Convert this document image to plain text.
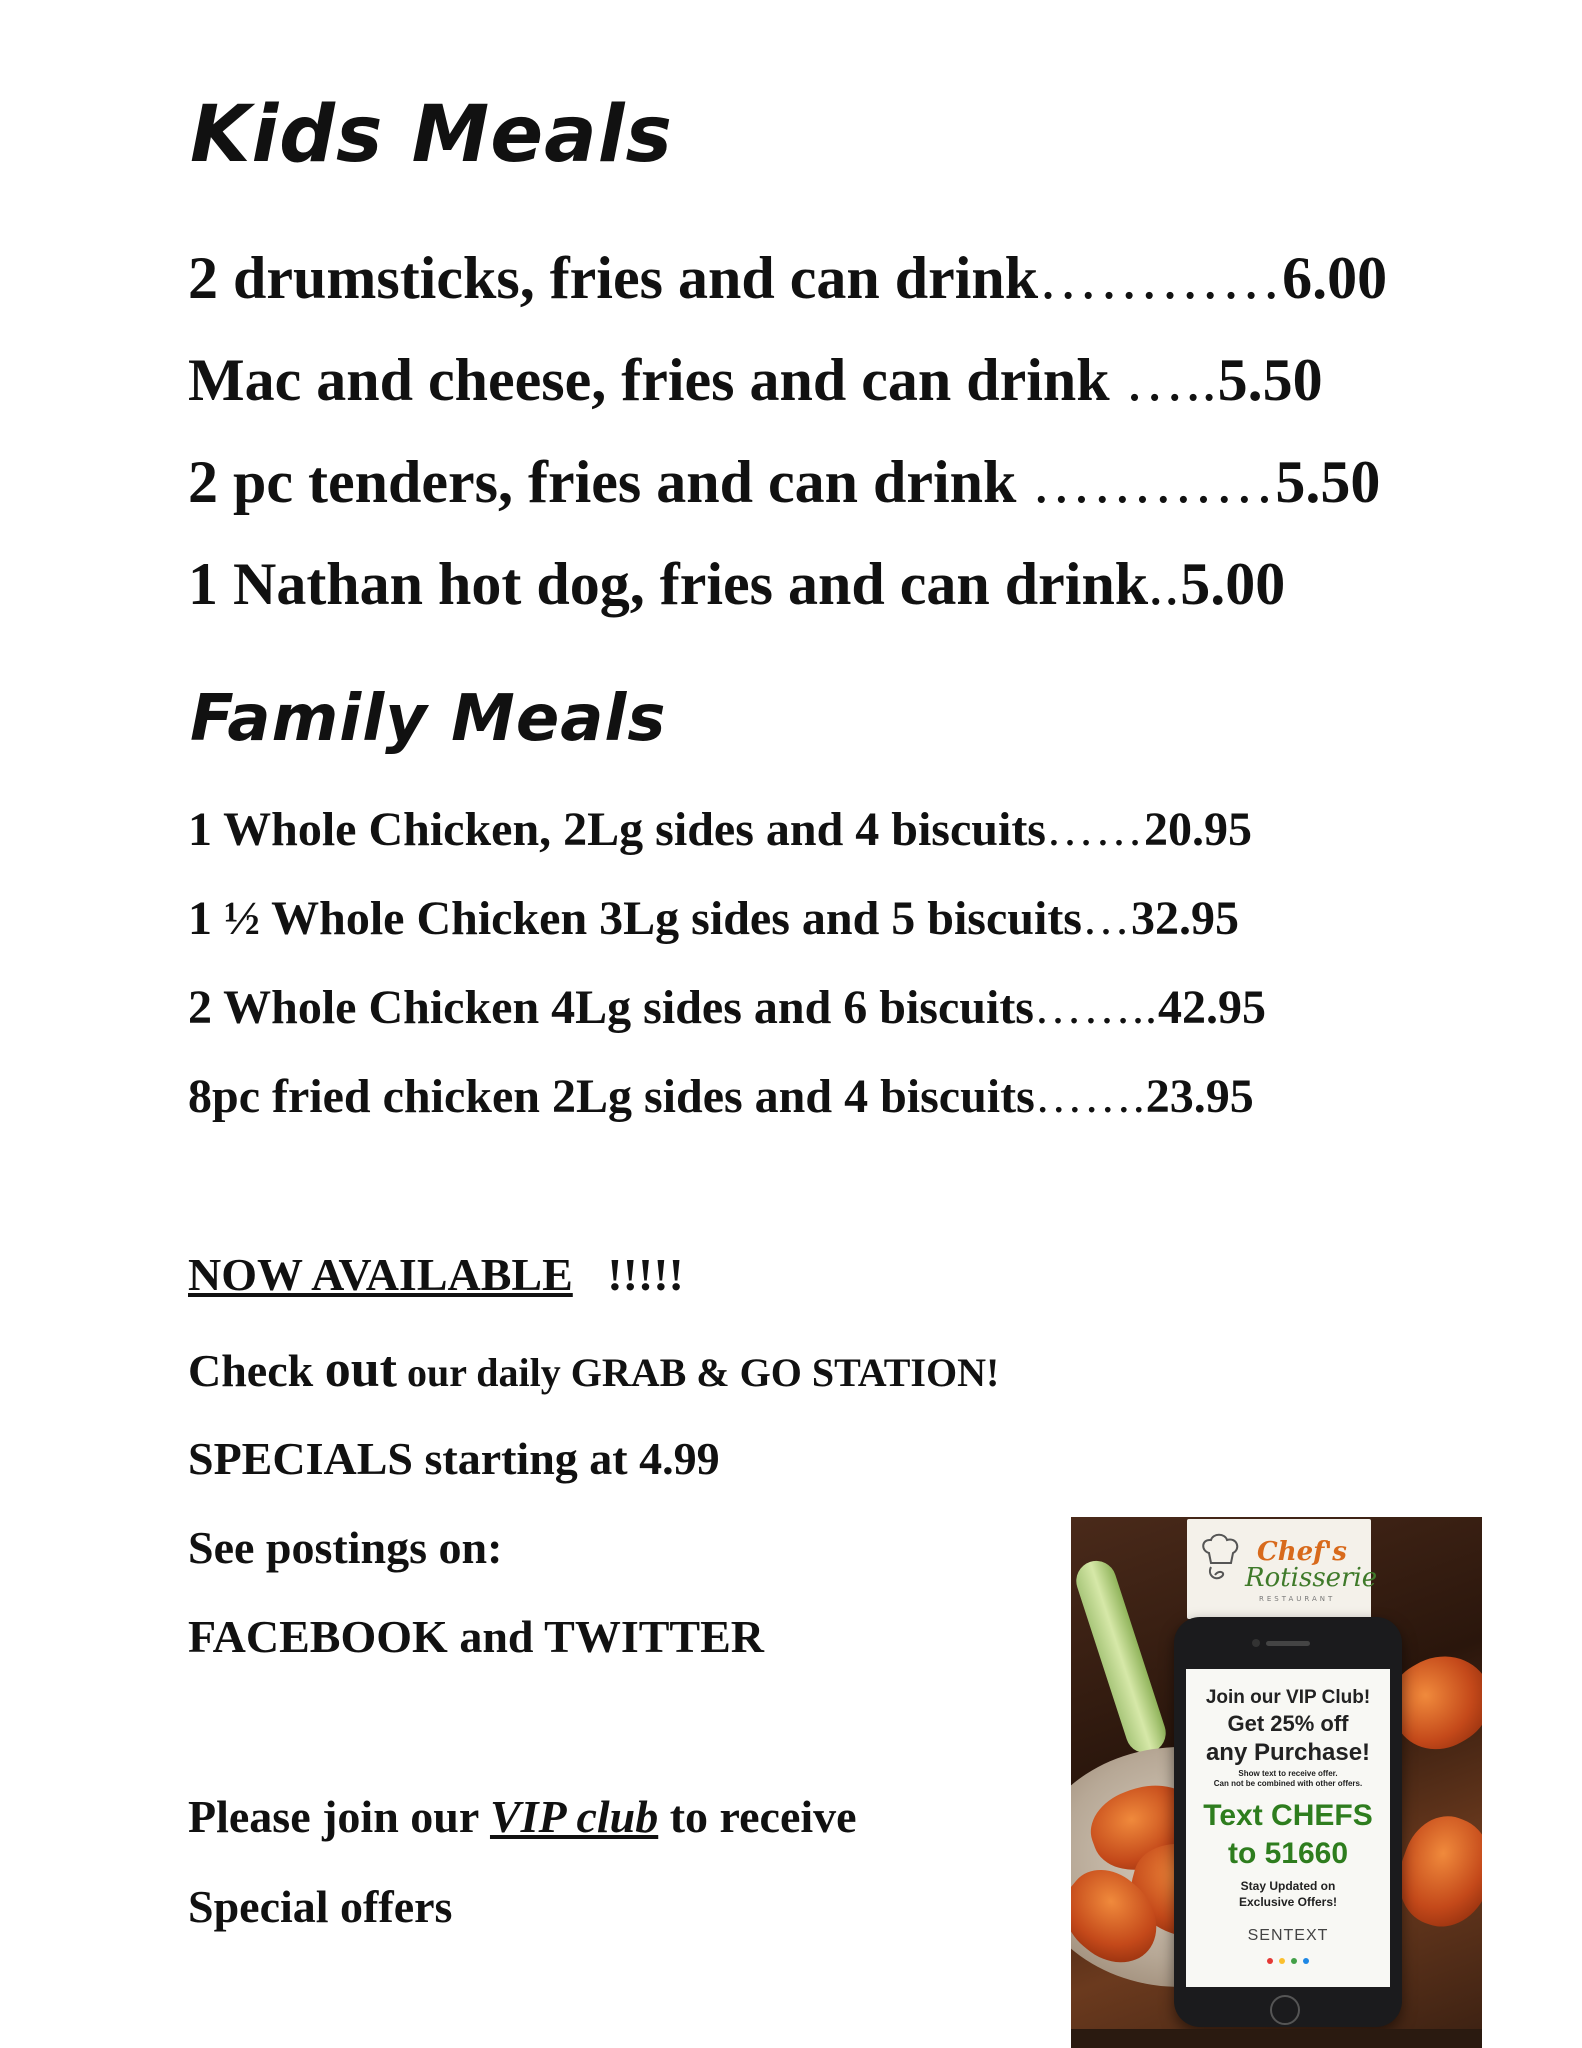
Kids Meals
2 drumsticks, fries and can drink…………6.00
Mac and cheese, fries and can drink …..5.50
2 pc tenders, fries and can drink …………5.50
1 Nathan hot dog, fries and can drink..5.00
Family Meals
1 Whole Chicken, 2Lg sides and 4 biscuits……20.95
1 ½ Whole Chicken 3Lg sides and 5 biscuits…32.95
2 Whole Chicken 4Lg sides and 6 biscuits……..42.95
8pc fried chicken 2Lg sides and 4 biscuits…….23.95
NOW AVAILABLE !!!!!
Check out our daily GRAB & GO STATION!
SPECIALS starting at 4.99
See postings on:
FACEBOOK and TWITTER
Please join our VIP club to receive
Special offers
Chef's
Rotisserie
RESTAURANT
Join our VIP Club!
Get 25% off
any Purchase!
Show text to receive offer.
Can not be combined with other offers.
Text CHEFS
to 51660
Stay Updated on
Exclusive Offers!
SENTEXT
